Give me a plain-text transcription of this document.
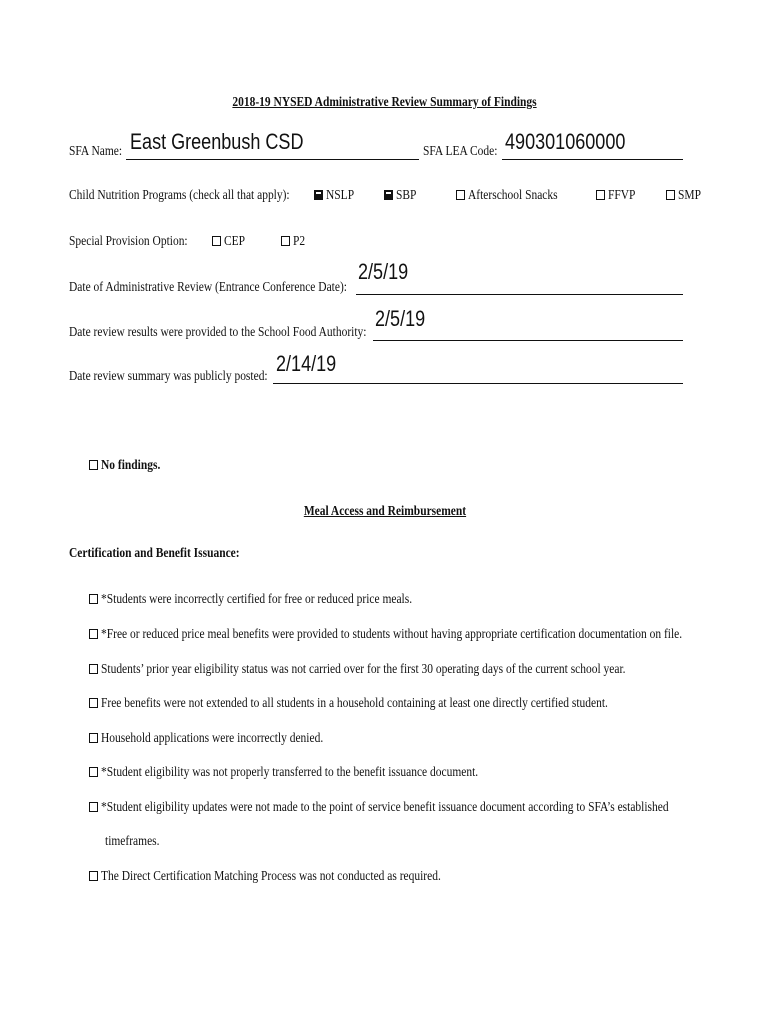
2018-19 NYSED Administrative Review Summary of Findings
SFA Name: East Greenbush CSD	SFA LEA Code: 490301060000
Child Nutrition Programs (check all that apply):	NSLP	SBP	Afterschool Snacks	FFVP	SMP
Special Provision Option:	CEP	P2
Date of Administrative Review (Entrance Conference Date):
2/5/19
Date review results were provided to the School Food Authority:
2/5/19
Date review summary was publicly posted:
2/14/19
No findings.
Meal Access and Reimbursement
Certification and Benefit Issuance:
*Students were incorrectly certified for free or reduced price meals.
*Free or reduced price meal benefits were provided to students without having appropriate certification documentation on file.
Students’ prior year eligibility status was not carried over for the first 30 operating days of the current school year.
Free benefits were not extended to all students in a household containing at least one directly certified student.
Household applications were incorrectly denied.
*Student eligibility was not properly transferred to the benefit issuance document.
*Student eligibility updates were not made to the point of service benefit issuance document according to SFA’s established
timeframes.
The Direct Certification Matching Process was not conducted as required.
